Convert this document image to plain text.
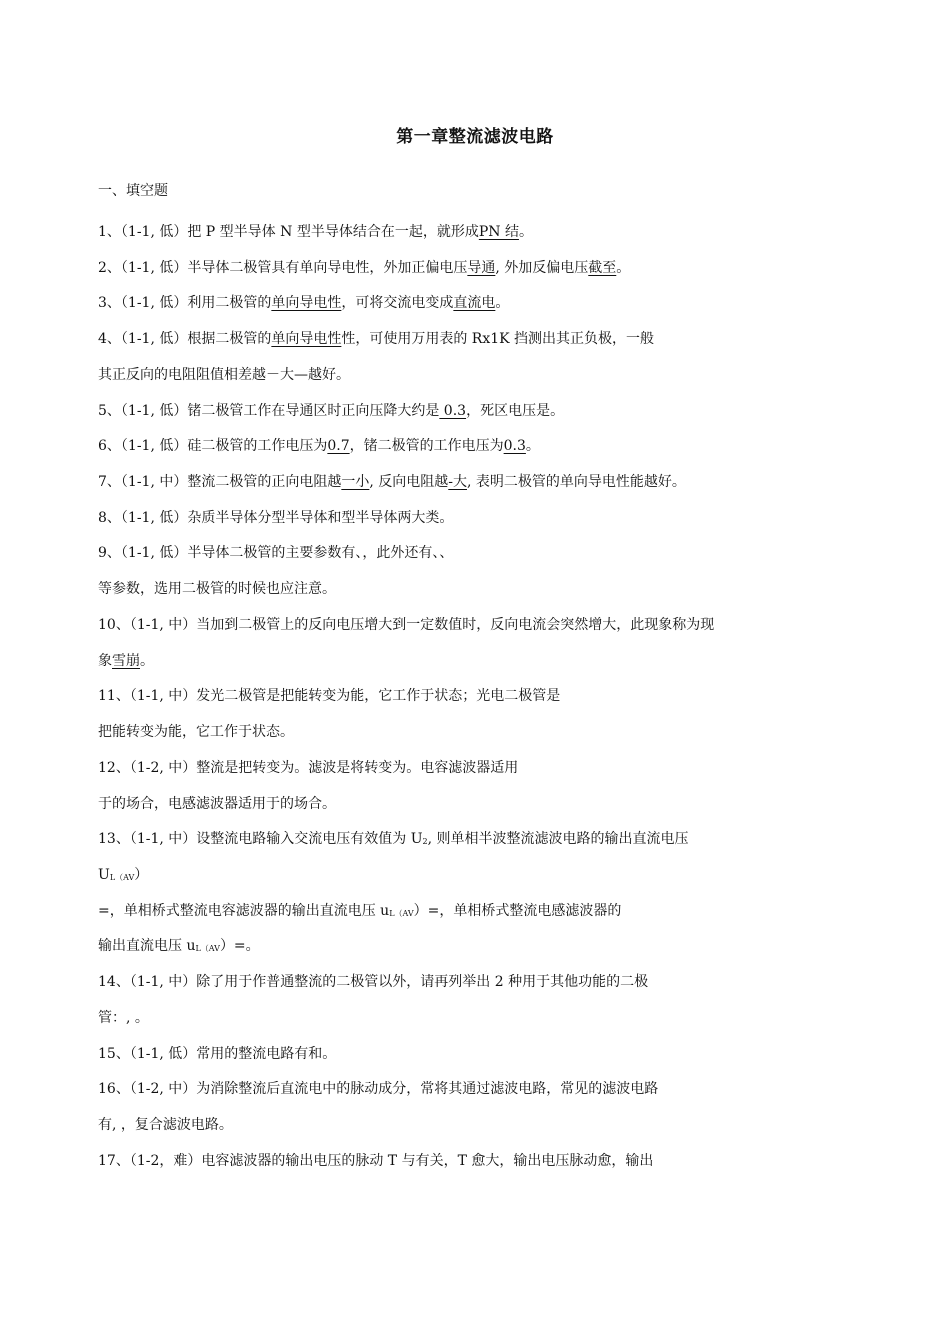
第一章整流滤波电路
一、填空题
1、（1-1, 低）把 P 型半导体 N 型半导体结合在一起，就形成PN 结。
2、（1-1, 低）半导体二极管具有单向导电性，外加正偏电压导通, 外加反偏电压截至。
3、（1-1, 低）利用二极管的单向导电性，可将交流电变成直流电。
4、（1-1, 低）根据二极管的单向导电性性，可使用万用表的 Rx1K 挡测出其正负极，一般
其正反向的电阻阻值相差越－大—越好。
5、（1-1, 低）锗二极管工作在导通区时正向压降大约是 0.3，死区电压是。
6、（1-1, 低）硅二极管的工作电压为0.7，锗二极管的工作电压为0.3。
7、（1-1, 中）整流二极管的正向电阻越一小, 反向电阻越-大, 表明二极管的单向导电性能越好。
8、（1-1, 低）杂质半导体分型半导体和型半导体两大类。
9、（1-1, 低）半导体二极管的主要参数有、，此外还有、、
等参数，选用二极管的时候也应注意。
10、（1-1, 中）当加到二极管上的反向电压增大到一定数值时，反向电流会突然增大，此现象称为现
象雪崩。
11、（1-1, 中）发光二极管是把能转变为能，它工作于状态；光电二极管是
把能转变为能，它工作于状态。
12、（1-2, 中）整流是把转变为。滤波是将转变为。电容滤波器适用
于的场合，电感滤波器适用于的场合。
13、（1-1, 中）设整流电路输入交流电压有效值为 U2, 则单相半波整流滤波电路的输出直流电压
UL（AV）
=，单相桥式整流电容滤波器的输出直流电压 uL（AV）=，单相桥式整流电感滤波器的
输出直流电压 uL（AV）=。
14、（1-1, 中）除了用于作普通整流的二极管以外，请再列举出 2 种用于其他功能的二极
管：, 。
15、（1-1, 低）常用的整流电路有和。
16、（1-2, 中）为消除整流后直流电中的脉动成分，常将其通过滤波电路，常见的滤波电路
有, ，复合滤波电路。
17、（1-2，难）电容滤波器的输出电压的脉动 T 与有关，T 愈大，输出电压脉动愈，输出
